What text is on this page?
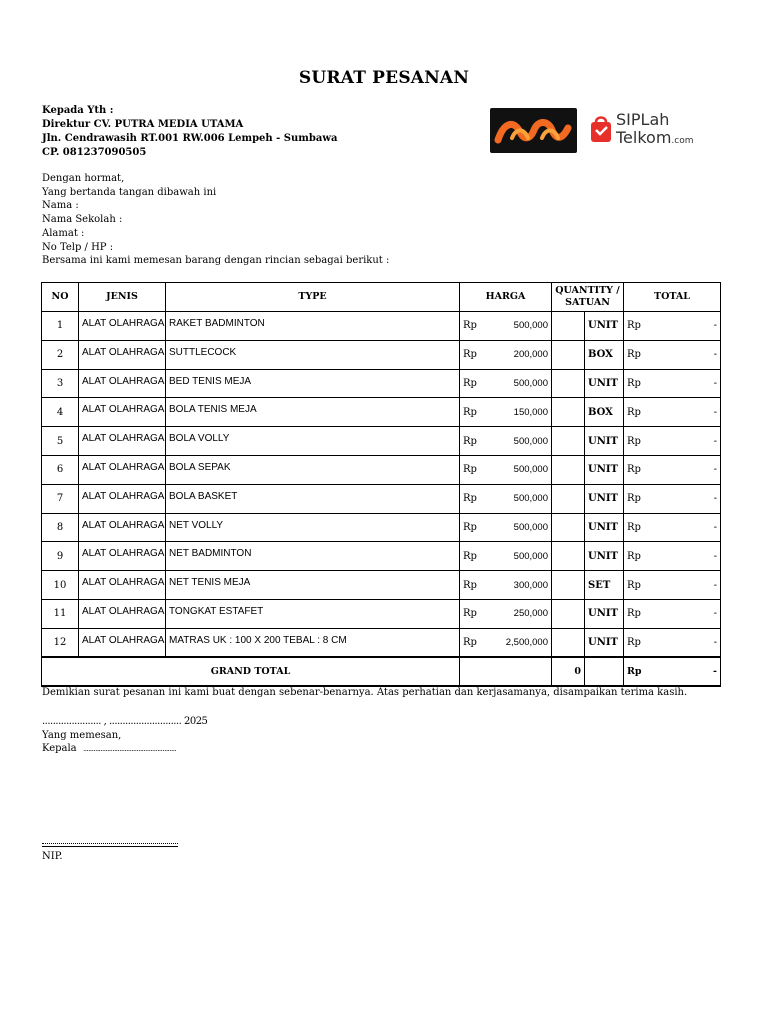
SURAT PESANAN
Kepada Yth :
Direktur CV. PUTRA MEDIA UTAMA
Jln. Cendrawasih RT.001 RW.006 Lempeh - Sumbawa
CP. 081237090505
SIPLah
Telkom.com
Dengan hormat,
Yang bertanda tangan dibawah ini
Nama :
Nama Sekolah :
Alamat :
No Telp / HP :
Bersama ini kami memesan barang dengan rincian sebagai berikut :
NO	JENIS	TYPE	HARGA	QUANTITY /
SATUAN		TOTAL
1	ALAT OLAHRAGA	RAKET BADMINTON	Rp 500,000		UNIT	Rp -

2	ALAT OLAHRAGA	SUTTLECOCK	Rp 200,000		BOX	Rp -

3	ALAT OLAHRAGA	BED TENIS MEJA	Rp 500,000		UNIT	Rp -

4	ALAT OLAHRAGA	BOLA TENIS MEJA	Rp 150,000		BOX	Rp -

5	ALAT OLAHRAGA	BOLA VOLLY	Rp 500,000		UNIT	Rp -

6	ALAT OLAHRAGA	BOLA SEPAK	Rp 500,000		UNIT	Rp -

7	ALAT OLAHRAGA	BOLA BASKET	Rp 500,000		UNIT	Rp -

8	ALAT OLAHRAGA	NET VOLLY	Rp 500,000		UNIT	Rp -

9	ALAT OLAHRAGA	NET BADMINTON	Rp 500,000		UNIT	Rp -

10	ALAT OLAHRAGA	NET TENIS MEJA	Rp 300,000		SET	Rp -

11	ALAT OLAHRAGA	TONGKAT ESTAFET	Rp 250,000		UNIT	Rp -

12	ALAT OLAHRAGA	MATRAS UK : 100 X 200 TEBAL : 8 CM	Rp 2,500,000		UNIT	Rp -

GRAND TOTAL				0		Rp -
Demikian surat pesanan ini kami buat dengan sebenar-benarnya. Atas perhatian dan kerjasamanya, disampaikan terima kasih.
...................... , ........................... 2025
Yang memesan,
Kepala ......................................................
NIP.
